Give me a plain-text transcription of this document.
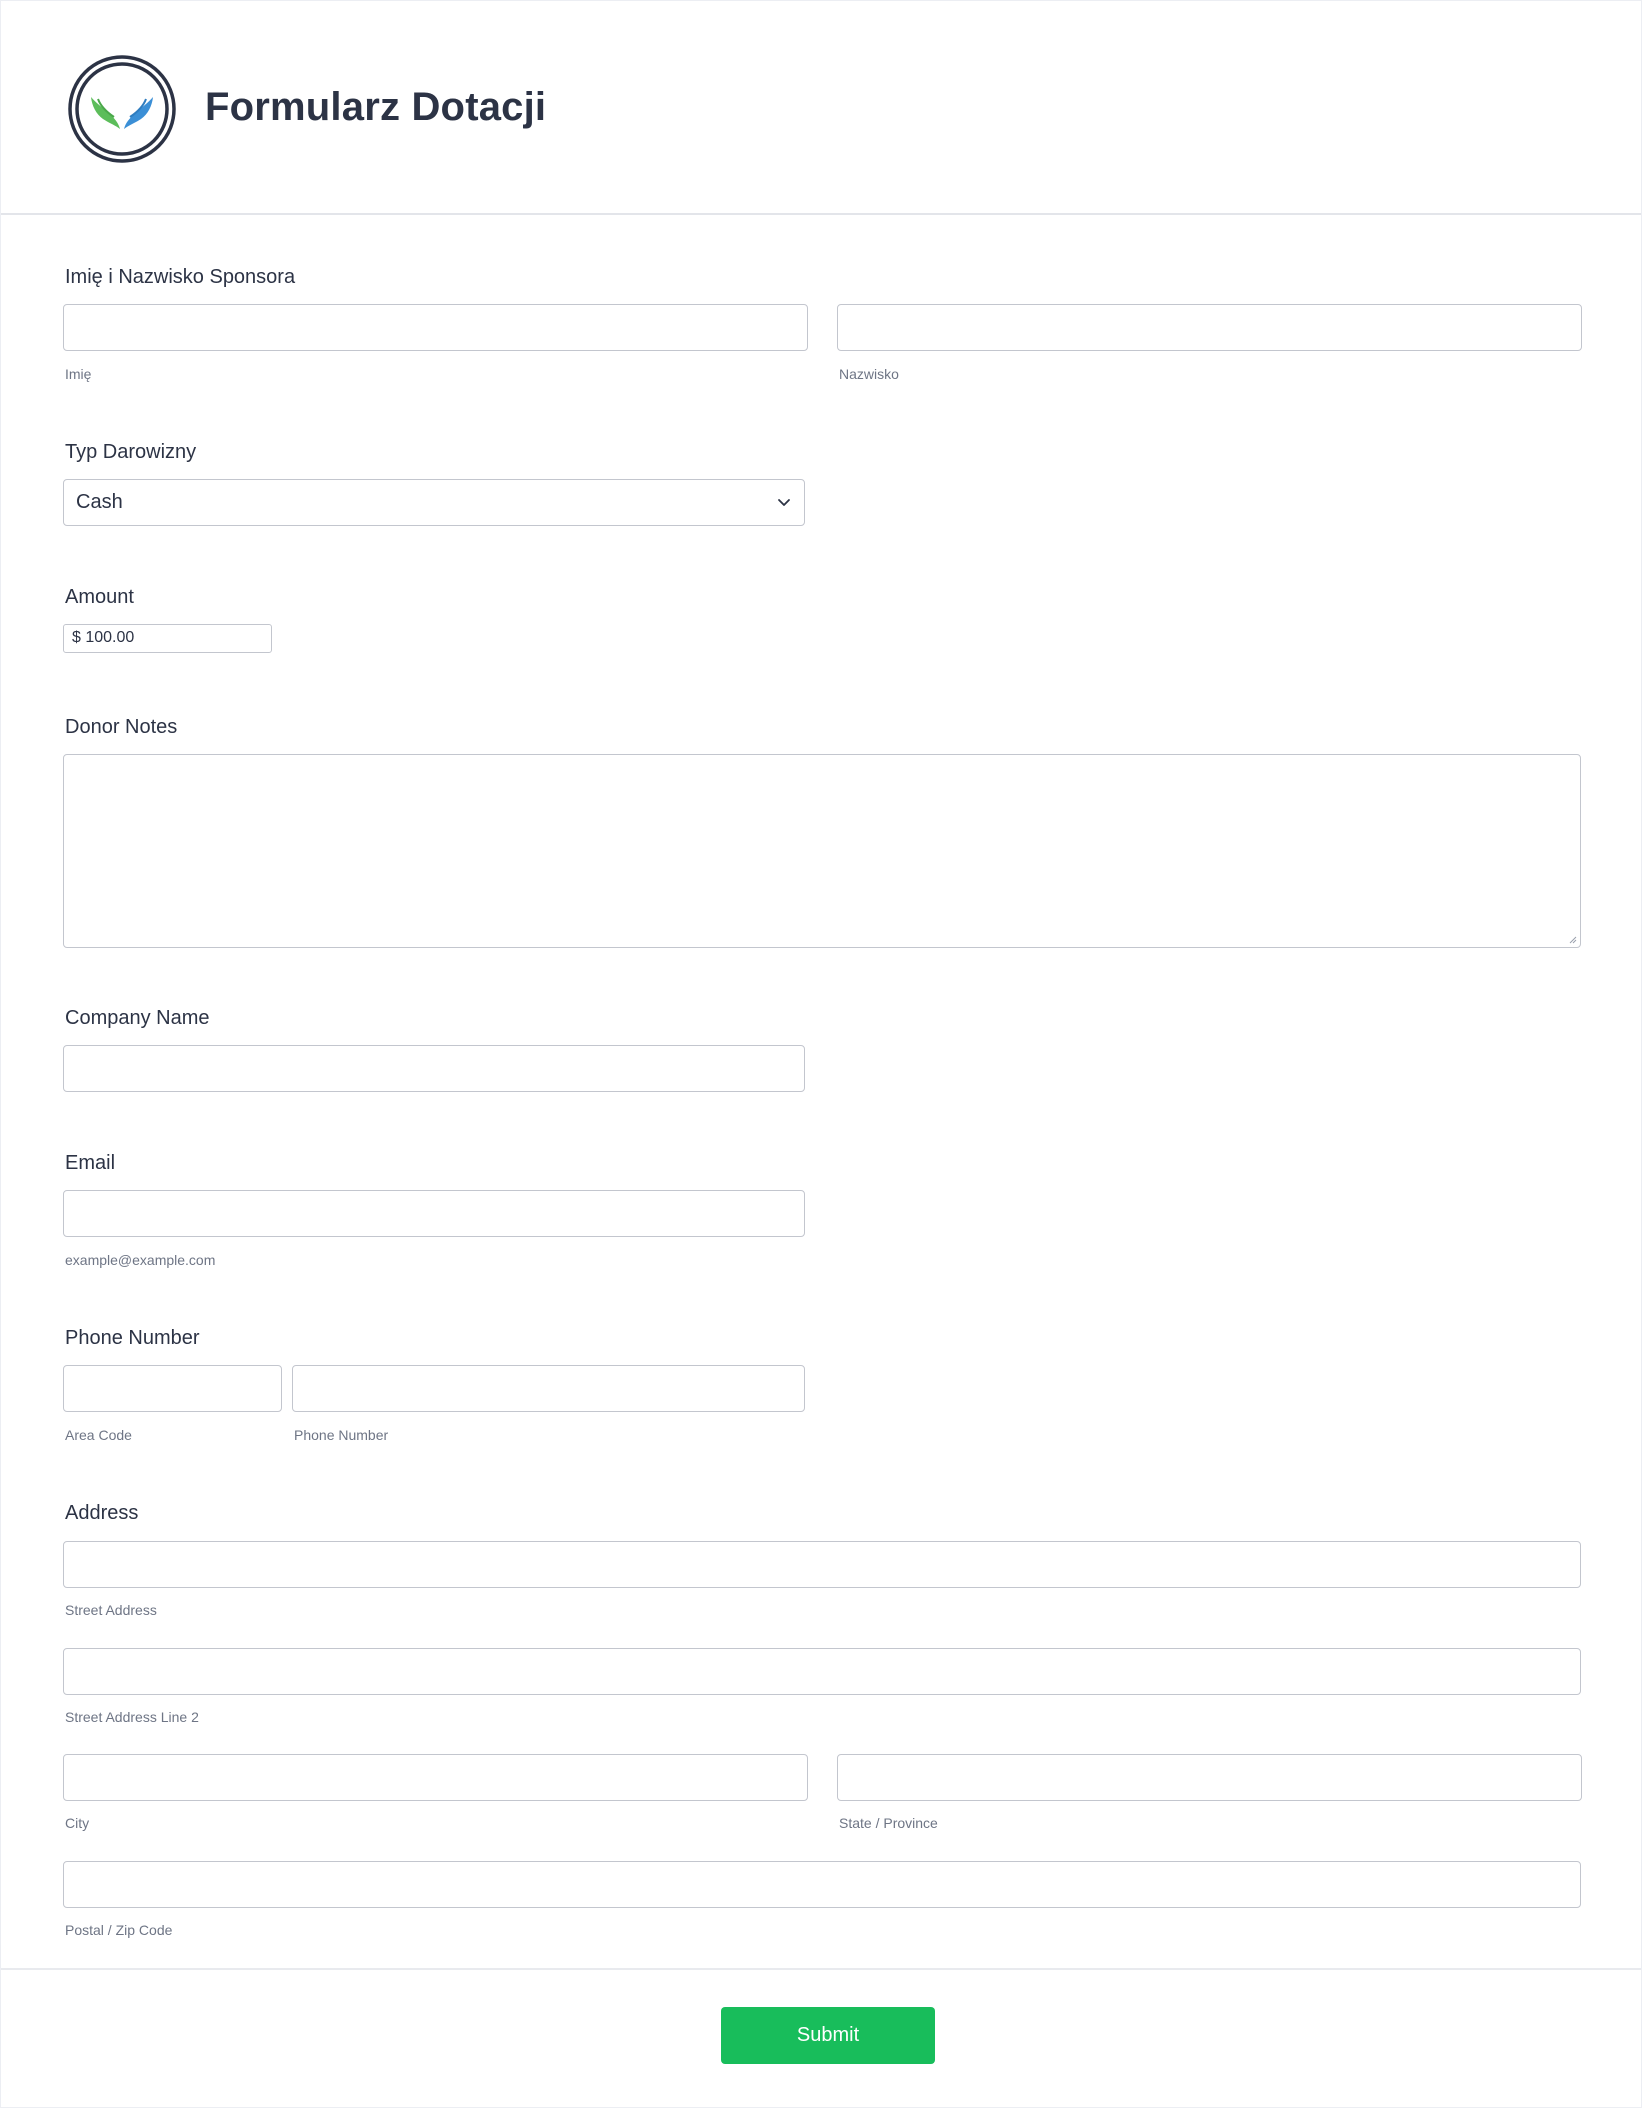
Formularz Dotacji
Imię i Nazwisko Sponsora
Imię	Nazwisko
Typ Darowizny
Cash
Amount
$ 100.00
Donor Notes
Company Name
Email
example@example.com
Phone Number
Area Code	Phone Number
Address
Street Address
Street Address Line 2
City	State / Province
Postal / Zip Code
Submit
